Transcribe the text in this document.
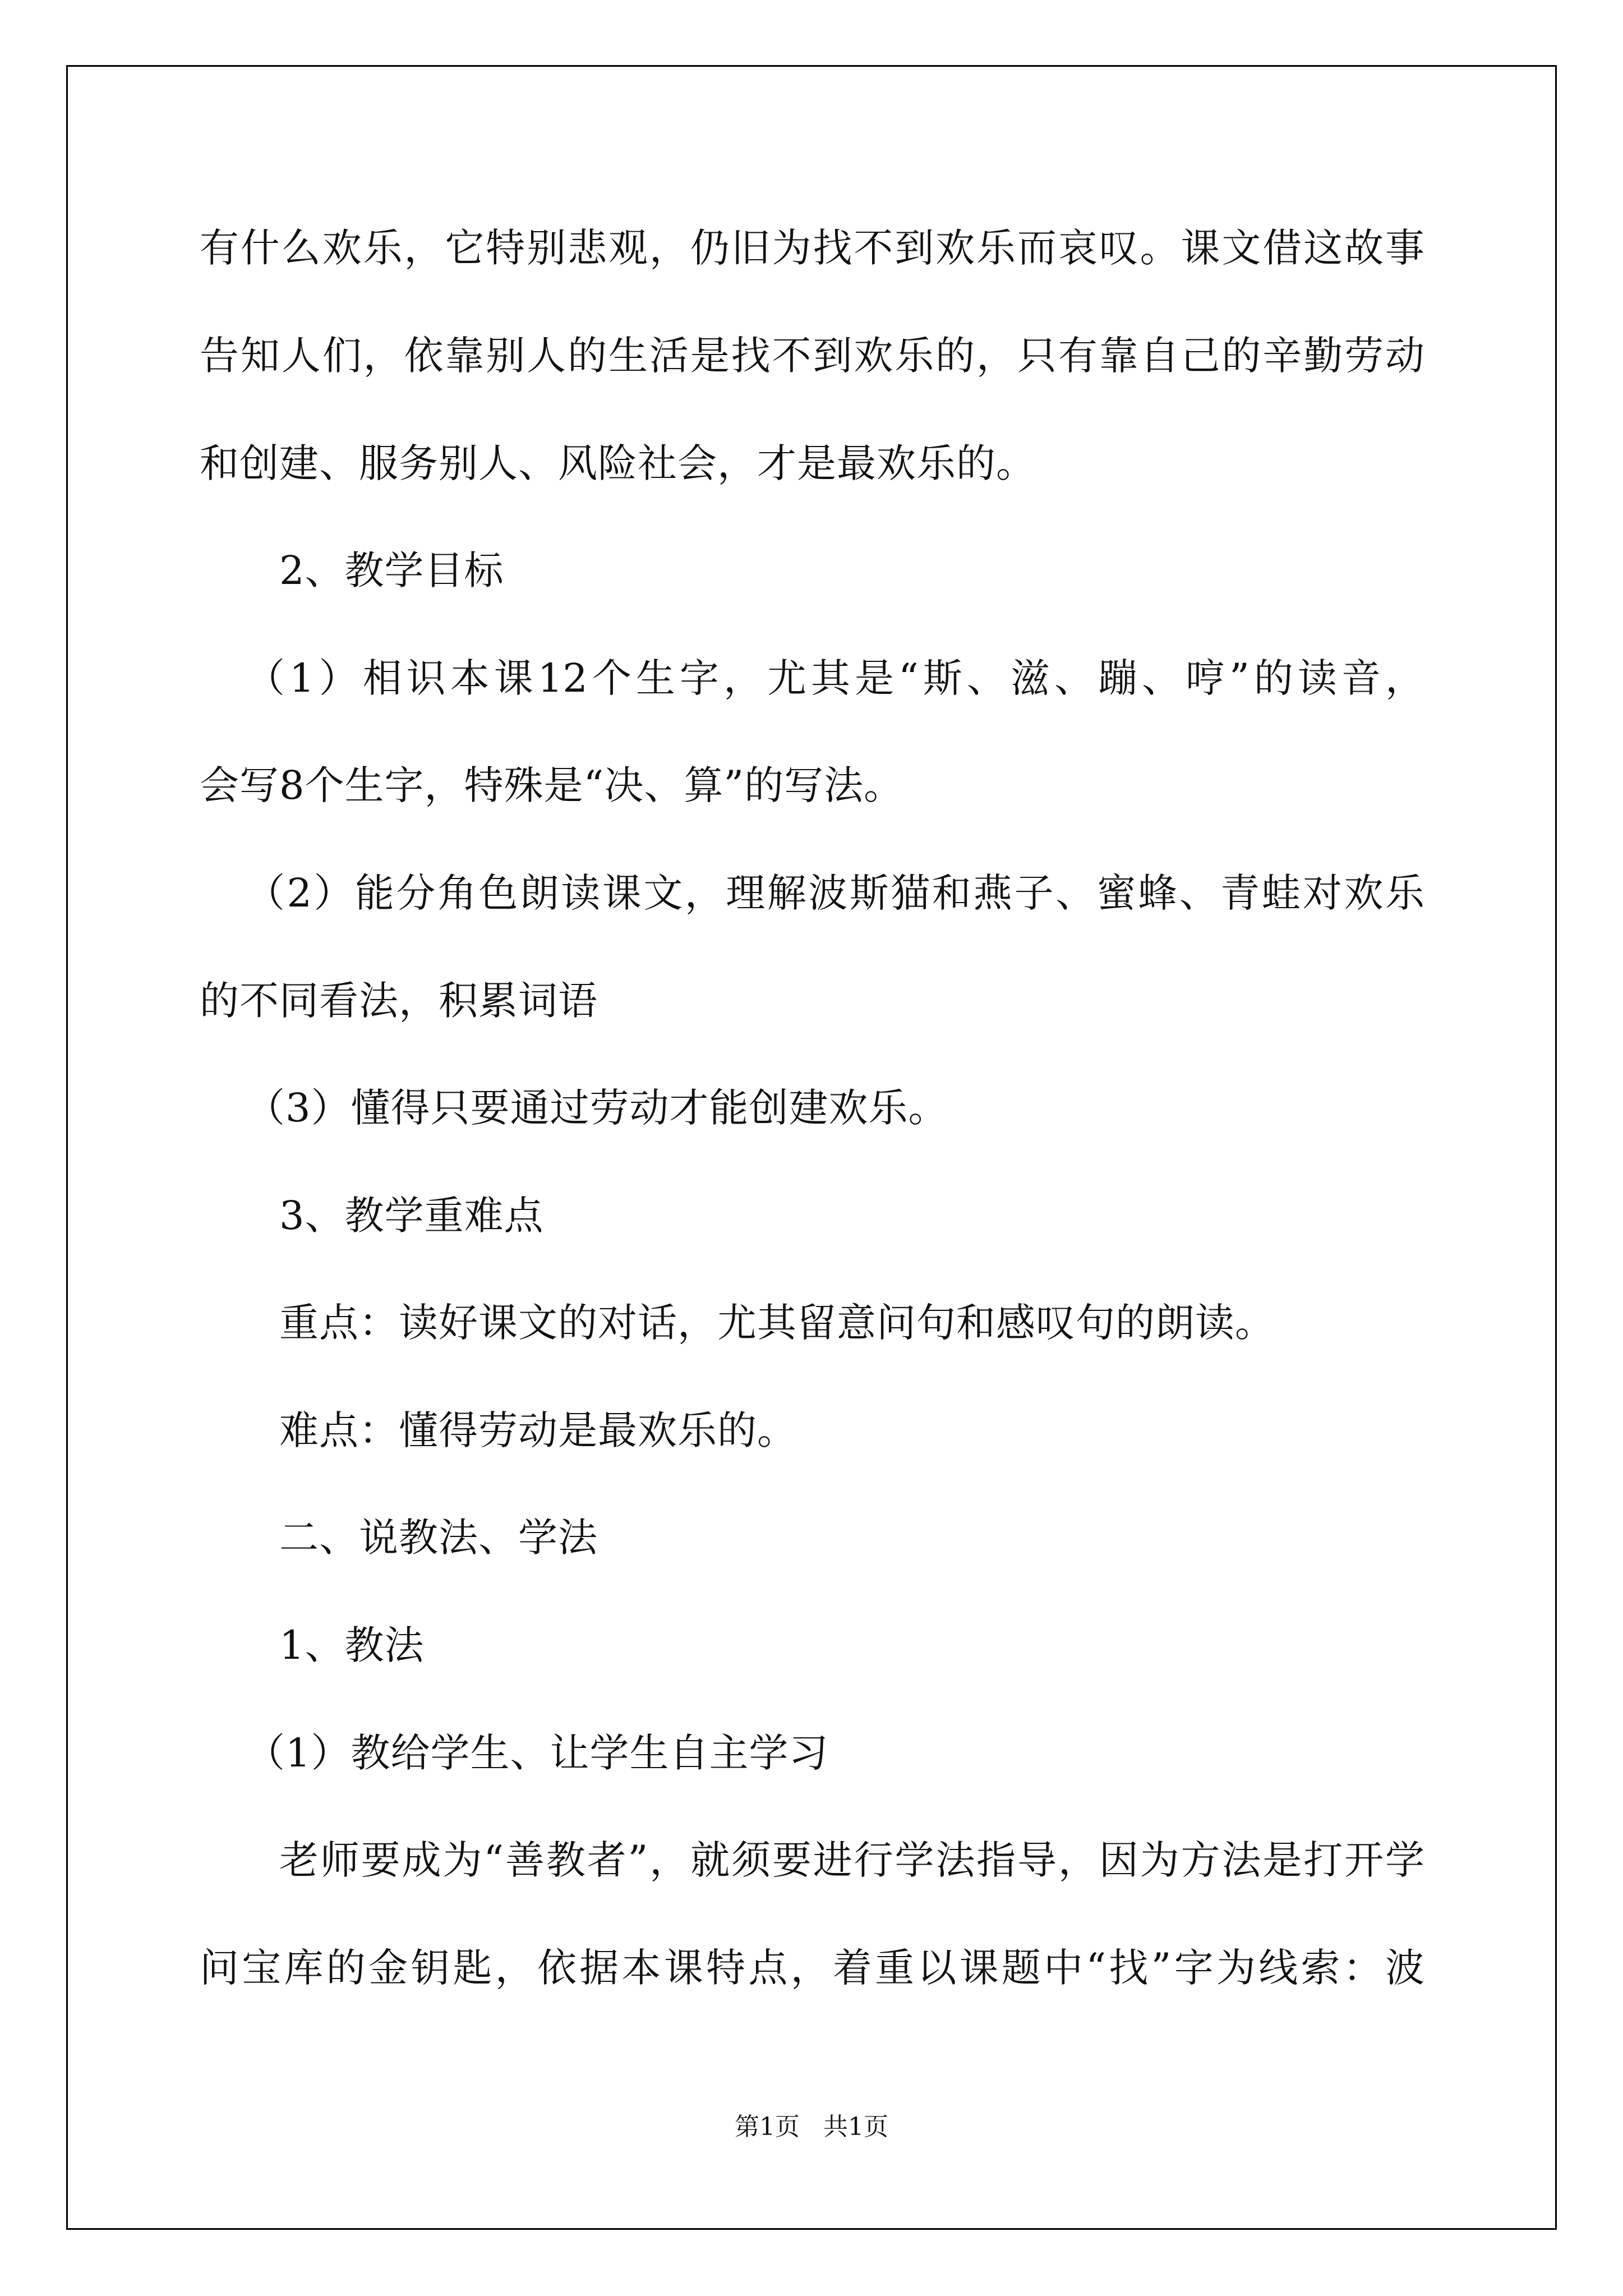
有什么欢乐，它特别悲观，仍旧为找不到欢乐而哀叹。课文借这故事
告知人们，依靠别人的生活是找不到欢乐的，只有靠自己的辛勤劳动
和创建、服务别人、风险社会，才是最欢乐的。
2、教学目标
（1）相识本课12个生字，尤其是“斯、滋、蹦、哼”的读音，
会写8个生字，特殊是“决、算”的写法。
（2）能分角色朗读课文，理解波斯猫和燕子、蜜蜂、青蛙对欢乐
的不同看法，积累词语
（3）懂得只要通过劳动才能创建欢乐。
3、教学重难点
重点：读好课文的对话，尤其留意问句和感叹句的朗读。
难点：懂得劳动是最欢乐的。
二、说教法、学法
1、教法
（1）教给学生、让学生自主学习
老师要成为“善教者”，就须要进行学法指导，因为方法是打开学
问宝库的金钥匙，依据本课特点，着重以课题中“找”字为线索：波
第1页   共1页
